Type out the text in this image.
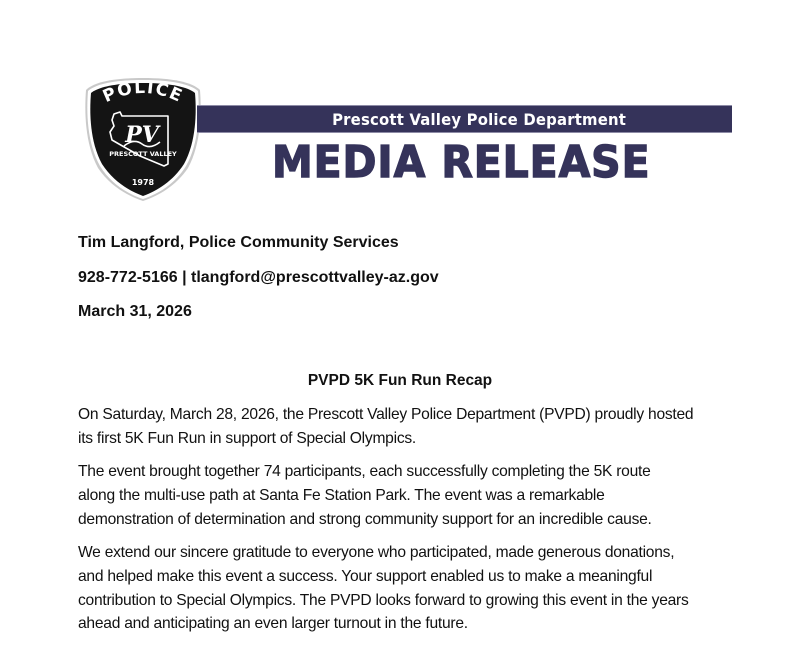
POLICE
PV
PRESCOTT VALLEY
1978
Prescott Valley Police Department
MEDIA RELEASE
Tim Langford, Police Community Services
928-772-5166 | tlangford@prescottvalley-az.gov
March 31, 2026
PVPD 5K Fun Run Recap

On Saturday, March 28, 2026, the Prescott Valley Police Department (PVPD) proudly hosted
its first 5K Fun Run in support of Special Olympics.

The event brought together 74 participants, each successfully completing the 5K route
along the multi-use path at Santa Fe Station Park. The event was a remarkable
demonstration of determination and strong community support for an incredible cause.

We extend our sincere gratitude to everyone who participated, made generous donations,
and helped make this event a success. Your support enabled us to make a meaningful
contribution to Special Olympics. The PVPD looks forward to growing this event in the years
ahead and anticipating an even larger turnout in the future.
